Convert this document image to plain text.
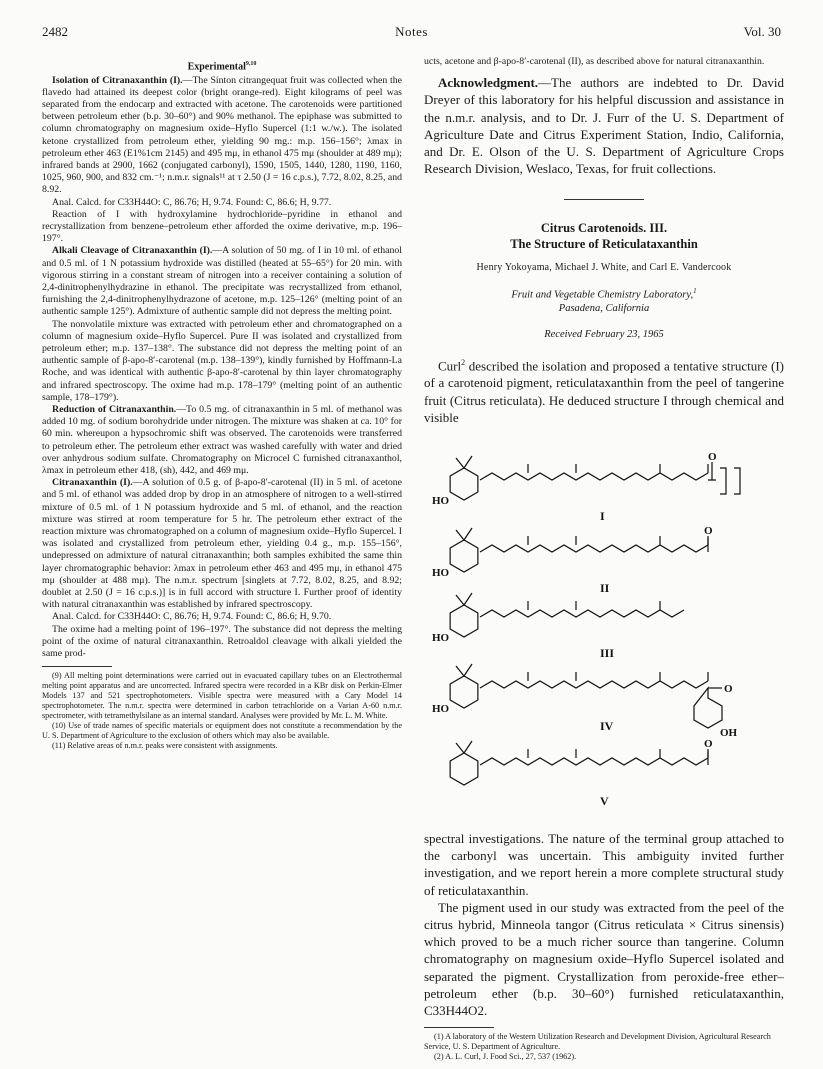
2482	Notes	Vol. 30
Experimental$^{9,10}$

Isolation of Citranaxanthin (I).—The Sinton citrangequat fruit was collected when the flavedo had attained its deepest color (bright orange-red). Eight kilograms of peel was separated from the endocarp and extracted with acetone. The carotenoids were partitioned between petroleum ether (b.p. 30–60°) and 90% methanol. The epiphase was submitted to column chromatography on magnesium oxide–Hyflo Supercel (1:1 w./w.). The isolated ketone crystallized from petroleum ether, yielding 90 mg.: m.p. 156–156°; λmax in petroleum ether 463 (E1%1cm 2145) and 495 mμ, in ethanol 475 mμ (shoulder at 489 mμ); infrared bands at 2900, 1662 (conjugated carbonyl), 1590, 1505, 1440, 1280, 1190, 1160, 1025, 960, 900, and 832 cm.⁻¹; n.m.r. signals¹¹ at τ 2.50 (J = 16 c.p.s.), 7.72, 8.02, 8.25, and 8.92.

Anal. Calcd. for C33H44O: C, 86.76; H, 9.74. Found: C, 86.6; H, 9.77.

Reaction of I with hydroxylamine hydrochloride–pyridine in ethanol and recrystallization from benzene–petroleum ether afforded the oxime derivative, m.p. 196–197°.

Alkali Cleavage of Citranaxanthin (I).—A solution of 50 mg. of I in 10 ml. of ethanol and 0.5 ml. of 1 N potassium hydroxide was distilled (heated at 55–65°) for 20 min. with vigorous stirring in a constant stream of nitrogen into a receiver containing a solution of 2,4-dinitrophenylhydrazine in ethanol. The precipitate was recrystallized from ethanol, furnishing the 2,4-dinitrophenylhydrazone of acetone, m.p. 125–126° (melting point of an authentic sample 125°). Admixture of authentic sample did not depress the melting point.

The nonvolatile mixture was extracted with petroleum ether and chromatographed on a column of magnesium oxide–Hyflo Supercel. Pure II was isolated and crystallized from petroleum ether; m.p. 137–138°. The substance did not depress the melting point of an authentic sample of β-apo-8′-carotenal (m.p. 138–139°), kindly furnished by Hoffmann-La Roche, and was identical with authentic β-apo-8′-carotenal by thin layer chromatography and infrared spectroscopy. The oxime had m.p. 178–179° (melting point of an authentic sample, 178–179°).

Reduction of Citranaxanthin.—To 0.5 mg. of citranaxanthin in 5 ml. of methanol was added 10 mg. of sodium borohydride under nitrogen. The mixture was shaken at ca. 10° for 60 min. whereupon a hypsochromic shift was observed. The carotenoids were transferred to petroleum ether. The petroleum ether extract was washed carefully with water and dried over anhydrous sodium sulfate. Chromatography on Microcel C furnished citranaxanthol, λmax in petroleum ether 418, (sh), 442, and 469 mμ.

Citranaxanthin (I).—A solution of 0.5 g. of β-apo-8′-carotenal (II) in 5 ml. of acetone and 5 ml. of ethanol was added drop by drop in an atmosphere of nitrogen to a well-stirred mixture of 0.5 ml. of 1 N potassium hydroxide and 5 ml. of ethanol, and the reaction mixture was stirred at room temperature for 5 hr. The petroleum ether extract of the reaction mixture was chromatographed on a column of magnesium oxide–Hyflo Supercel. I was isolated and crystallized from petroleum ether, yielding 0.4 g., m.p. 155–156°, undepressed on admixture of natural citranaxanthin; both samples exhibited the same thin layer chromatographic behavior: λmax in petroleum ether 463 and 495 mμ, in ethanol 475 mμ (shoulder at 488 mμ). The n.m.r. spectrum [singlets at 7.72, 8.02, 8.25, and 8.92; doublet at 2.50 (J = 16 c.p.s.)] is in full accord with structure I. Further proof of identity with natural citranaxanthin was established by infrared spectroscopy.

Anal. Calcd. for C33H44O: C, 86.76; H, 9.74. Found: C, 86.6; H, 9.70.

The oxime had a melting point of 196–197°. The substance did not depress the melting point of the oxime of natural citranaxanthin. Retroaldol cleavage with alkali yielded the same prod-

(9) All melting point determinations were carried out in evacuated capillary tubes on an Electrothermal melting point apparatus and are uncorrected. Infrared spectra were recorded in a KBr disk on Perkin-Elmer Models 137 and 521 spectrophotometers. Visible spectra were measured with a Cary Model 14 spectrophotometer. The n.m.r. spectra were determined in carbon tetrachloride on a Varian A-60 n.m.r. spectrometer, with tetramethylsilane as an internal standard. Analyses were provided by Mr. L. M. White.

(10) Use of trade names of specific materials or equipment does not constitute a recommendation by the U. S. Department of Agriculture to the exclusion of others which may also be available.

(11) Relative areas of n.m.r. peaks were consistent with assignments.

ucts, acetone and β-apo-8′-carotenal (II), as described above for natural citranaxanthin.

Acknowledgment.—The authors are indebted to Dr. David Dreyer of this laboratory for his helpful discussion and assistance in the n.m.r. analysis, and to Dr. J. Furr of the U. S. Department of Agriculture Date and Citrus Experiment Station, Indio, California, and Dr. E. Olson of the U. S. Department of Agriculture Crops Research Division, Weslaco, Texas, for fruit collections.

Citrus Carotenoids. III.

The Structure of Reticulataxanthin

Henry Yokoyama, Michael J. White, and Carl E. Vandercook
Fruit and Vegetable Chemistry Laboratory,$^1$
Pasadena, California
Received February 23, 1965

Curl$^2$ described the isolation and proposed a tentative structure (I) of a carotenoid pigment, reticulataxanthin from the peel of tangerine fruit (Citrus reticulata). He deduced structure I through chemical and visible

HO
O
I
HO
O
II
HO
III
HO
O
OH
IV
O
V

spectral investigations. The nature of the terminal group attached to the carbonyl was uncertain. This ambiguity invited further investigation, and we report herein a more complete structural study of reticulataxanthin.

The pigment used in our study was extracted from the peel of the citrus hybrid, Minneola tangor (Citrus reticulata × Citrus sinensis) which proved to be a much richer source than tangerine. Column chromatography on magnesium oxide–Hyflo Supercel isolated and separated the pigment. Crystallization from peroxide-free ether–petroleum ether (b.p. 30–60°) furnished reticulataxanthin, C33H44O2.

(1) A laboratory of the Western Utilization Research and Development Division, Agricultural Research Service, U. S. Department of Agriculture.

(2) A. L. Curl, J. Food Sci., 27, 537 (1962).
